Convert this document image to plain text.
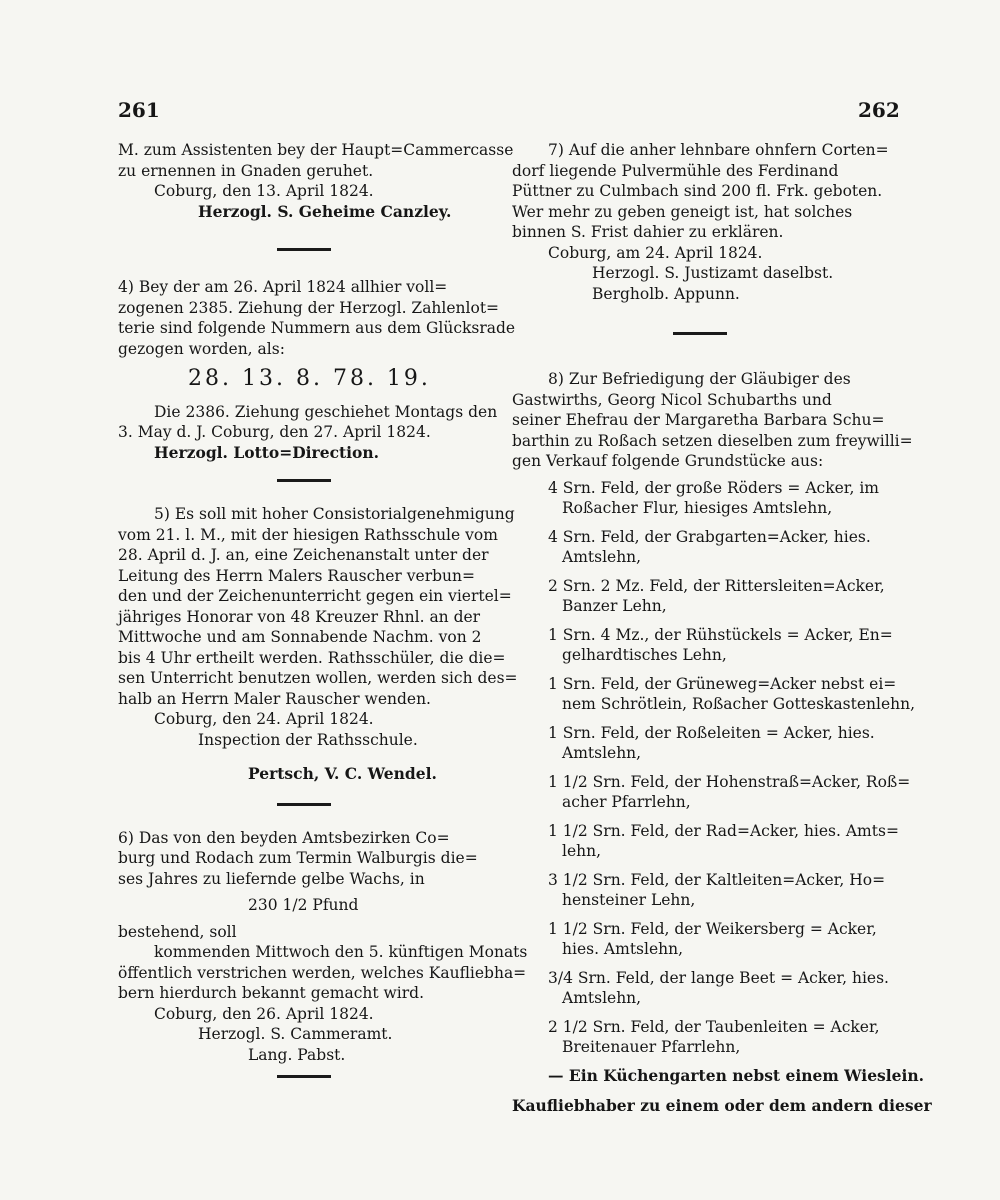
261	262
M. zum Assistenten bey der Haupt=Cammercasse
zu ernennen in Gnaden geruhet.
Coburg, den 13. April 1824.
Herzogl. S. Geheime Canzley.
4) Bey der am 26. April 1824 allhier voll=
zogenen 2385. Ziehung der Herzogl. Zahlenlot=
terie sind folgende Nummern aus dem Glücksrade
gezogen worden, als:
28. 13. 8. 78. 19.
Die 2386. Ziehung geschiehet Montags den
3. May d. J. Coburg, den 27. April 1824.
Herzogl. Lotto=Direction.
5) Es soll mit hoher Consistorialgenehmigung
vom 21. l. M., mit der hiesigen Rathsschule vom
28. April d. J. an, eine Zeichenanstalt unter der
Leitung des Herrn Malers Rauscher verbun=
den und der Zeichenunterricht gegen ein viertel=
jähriges Honorar von 48 Kreuzer Rhnl. an der
Mittwoche und am Sonnabende Nachm. von 2
bis 4 Uhr ertheilt werden. Rathsschüler, die die=
sen Unterricht benutzen wollen, werden sich des=
halb an Herrn Maler Rauscher wenden.
Coburg, den 24. April 1824.
Inspection der Rathsschule.
Pertsch, V. C. Wendel.
6) Das von den beyden Amtsbezirken Co=
burg und Rodach zum Termin Walburgis die=
ses Jahres zu liefernde gelbe Wachs, in
230 1/2 Pfund
bestehend, soll
kommenden Mittwoch den 5. künftigen Monats
öffentlich verstrichen werden, welches Kaufliebha=
bern hierdurch bekannt gemacht wird.
Coburg, den 26. April 1824.
Herzogl. S. Cammeramt.
Lang. Pabst.
7) Auf die anher lehnbare ohnfern Corten=
dorf liegende Pulvermühle des Ferdinand
Püttner zu Culmbach sind 200 fl. Frk. geboten.
Wer mehr zu geben geneigt ist, hat solches
binnen S. Frist dahier zu erklären.
Coburg, am 24. April 1824.
Herzogl. S. Justizamt daselbst.
Bergholb. Appunn.
8) Zur Befriedigung der Gläubiger des
Gastwirths, Georg Nicol Schubarths und
seiner Ehefrau der Margaretha Barbara Schu=
barthin zu Roßach setzen dieselben zum freywilli=
gen Verkauf folgende Grundstücke aus:
4 Srn. Feld, der große Röders = Acker, im
Roßacher Flur, hiesiges Amtslehn,
4 Srn. Feld, der Grabgarten=Acker, hies.
Amtslehn,
2 Srn. 2 Mz. Feld, der Rittersleiten=Acker,
Banzer Lehn,
1 Srn. 4 Mz., der Rühstückels = Acker, En=
gelhardtisches Lehn,
1 Srn. Feld, der Grüneweg=Acker nebst ei=
nem Schrötlein, Roßacher Gotteskastenlehn,
1 Srn. Feld, der Roßeleiten = Acker, hies.
Amtslehn,
1 1/2 Srn. Feld, der Hohenstraß=Acker, Roß=
acher Pfarrlehn,
1 1/2 Srn. Feld, der Rad=Acker, hies. Amts=
lehn,
3 1/2 Srn. Feld, der Kaltleiten=Acker, Ho=
hensteiner Lehn,
1 1/2 Srn. Feld, der Weikersberg = Acker,
hies. Amtslehn,
3/4 Srn. Feld, der lange Beet = Acker, hies.
Amtslehn,
2 1/2 Srn. Feld, der Taubenleiten = Acker,
Breitenauer Pfarrlehn,
— Ein Küchengarten nebst einem Wieslein.
Kaufliebhaber zu einem oder dem andern dieser
